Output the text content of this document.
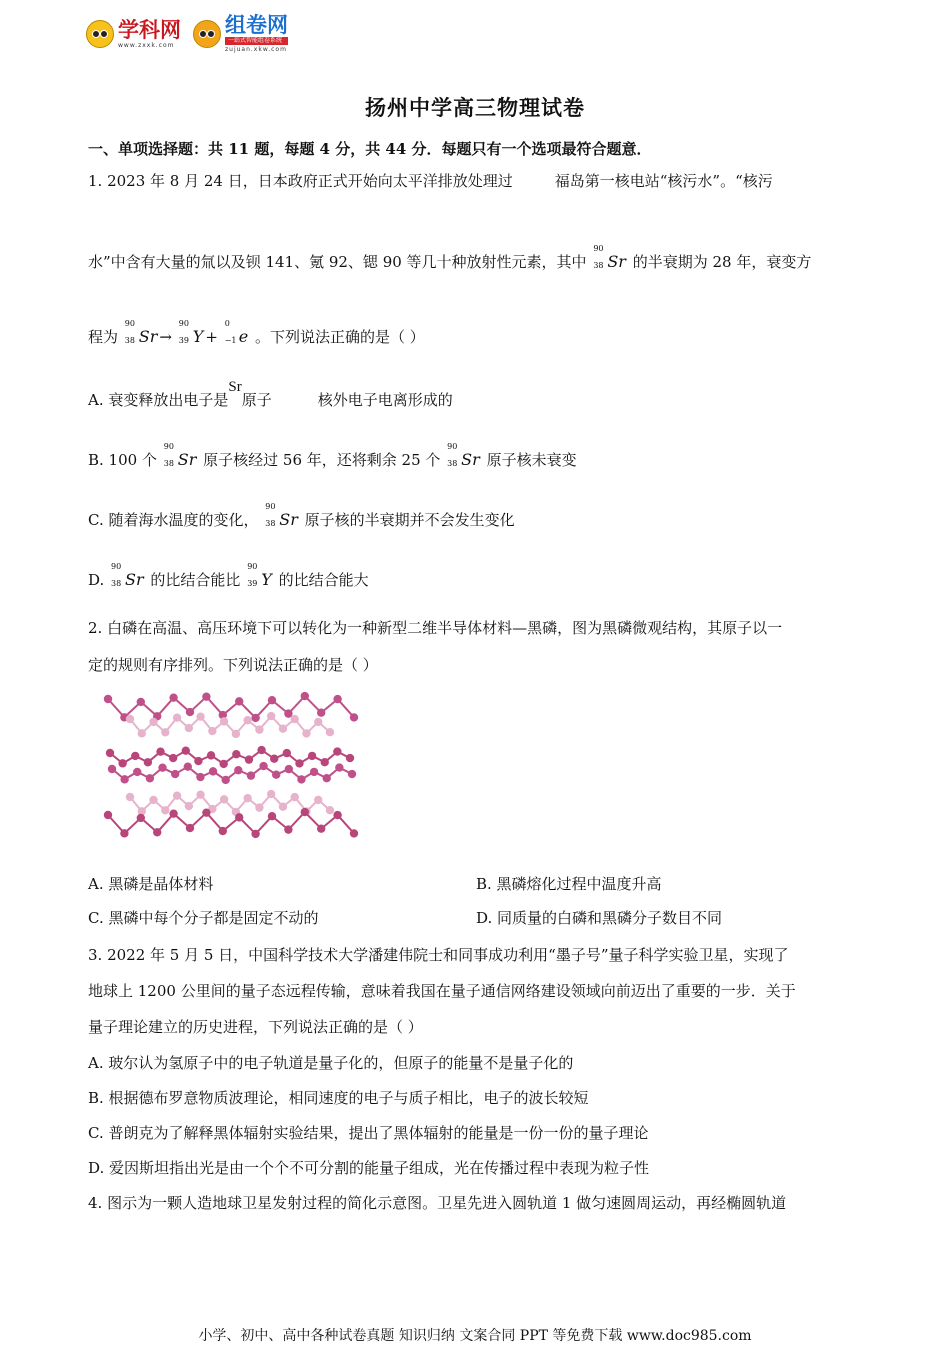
学科网
www.zxxk.com
组卷网
一站式智能组卷系统
zujuan.xkw.com
扬州中学高三物理试卷
一、单项选择题：共 11 题，每题 4 分，共 44 分．每题只有一个选项最符合题意．
1. 2023 年 8 月 24 日，日本政府正式开始向太平洋排放处理过	福岛第一核电站“核污水”。“核污
水”中含有大量的氚以及钡 141、氪 92、锶 90 等几十种放射性元素，其中
90
38 Sr 的半衰期为 28 年，衰变方
程为
90
38 Sr →
90
39 Y +
0
−1 e 。下列说法正确的是（ ）
A. 衰变释放出电子是Sr原子	核外电子电离形成的
B. 100 个
90
38 Sr 原子核经过 56 年，还将剩余 25 个
90
38 Sr 原子核未衰变
C. 随着海水温度的变化，
90
38 Sr 原子核的半衰期并不会发生变化
D.
90
38 Sr 的比结合能比
90
39 Y 的比结合能大
2. 白磷在高温、高压环境下可以转化为一种新型二维半导体材料—黑磷，图为黑磷微观结构，其原子以一
定的规则有序排列。下列说法正确的是（ ）
A. 黑磷是晶体材料	B. 黑磷熔化过程中温度升高
C. 黑磷中每个分子都是固定不动的	D. 同质量的白磷和黑磷分子数目不同
3. 2022 年 5 月 5 日，中国科学技术大学潘建伟院士和同事成功利用“墨子号”量子科学实验卫星，实现了
地球上 1200 公里间的量子态远程传输，意味着我国在量子通信网络建设领域向前迈出了重要的一步．关于
量子理论建立的历史进程，下列说法正确的是（ ）
A. 玻尔认为氢原子中的电子轨道是量子化的，但原子的能量不是量子化的
B. 根据德布罗意物质波理论，相同速度的电子与质子相比，电子的波长较短
C. 普朗克为了解释黑体辐射实验结果，提出了黑体辐射的能量是一份一份的量子理论
D. 爱因斯坦指出光是由一个个不可分割的能量子组成，光在传播过程中表现为粒子性
4. 图示为一颗人造地球卫星发射过程的简化示意图。卫星先进入圆轨道 1 做匀速圆周运动，再经椭圆轨道
小学、初中、高中各种试卷真题 知识归纳 文案合同 PPT 等免费下载 www.doc985.com
